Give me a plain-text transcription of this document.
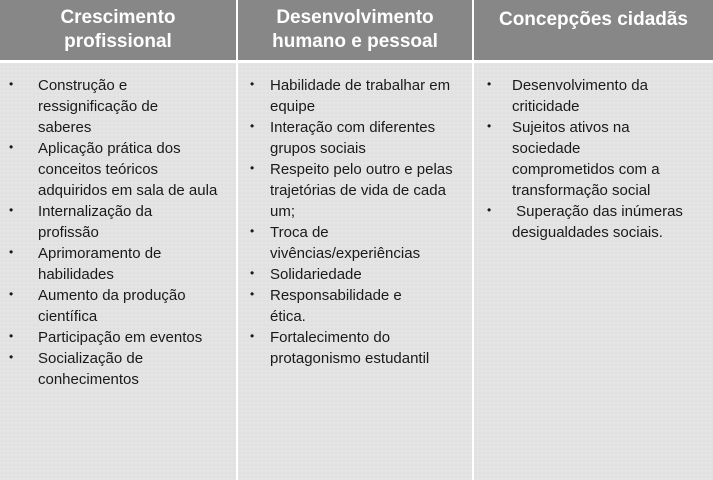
Crescimento profissional
Desenvolvimento humano e pessoal
Concepções cidadãs
• Construção e ressignificação de saberes
• Aplicação prática dos conceitos teóricos adquiridos em sala de aula
• Internalização da profissão
• Aprimoramento de habilidades
• Aumento da produção científica
• Participação em eventos
• Socialização de conhecimentos
• Habilidade de trabalhar em equipe
• Interação com diferentes grupos sociais
• Respeito pelo outro e pelas trajetórias de vida de cada um;
• Troca de vivências/experiências
• Solidariedade
• Responsabilidade e ética.
• Fortalecimento do protagonismo estudantil
• Desenvolvimento da criticidade
• Sujeitos ativos na sociedade comprometidos com a transformação social
• Superação das inúmeras desigualdades sociais.
